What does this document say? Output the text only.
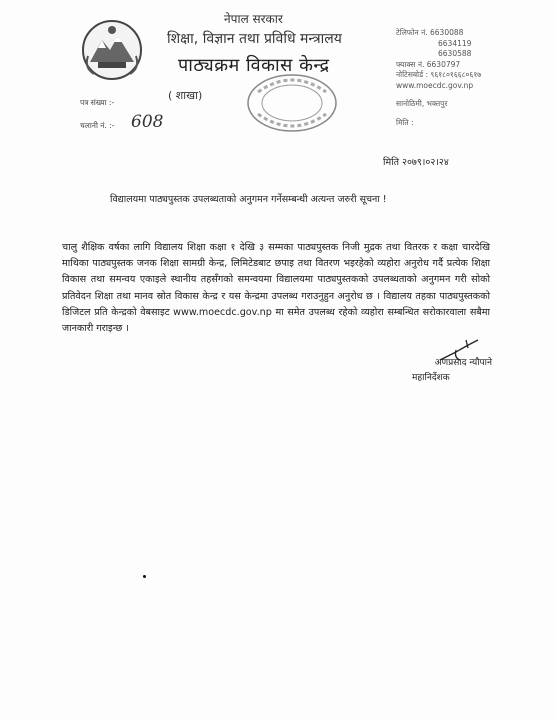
नेपाल सरकार
शिक्षा, विज्ञान तथा प्रविधि मन्त्रालय
पाठ्यक्रम विकास केन्द्र
( शाखा)
टेलिफोन नं. 6630088
6634119
6630588
फ्याक्स नं. 6630797
नोटिसबोर्ड : ९६१८०१६६८०६१७
www.moecdc.gov.np
सानोठिमी, भक्तपुर
मिति :
पत्र संख्या :-
चलानी नं. :- 608
मिति २०७९।०२।२४
विद्यालयमा पाठ्यपुस्तक उपलब्धताको अनुगमन गर्नेसम्बन्धी अत्यन्त जरुरी सूचना !
चालु शैक्षिक वर्षका लागि विद्यालय शिक्षा कक्षा १ देखि ३ सम्मका पाठ्यपुस्तक निजी मुद्रक तथा वितरक र कक्षा चारदेखि माथिका पाठ्यपुस्तक जनक शिक्षा सामग्री केन्द्र, लिमिटेडबाट छपाइ तथा वितरण भइरहेको व्यहोरा अनुरोध गर्दै प्रत्येक शिक्षा विकास तथा समन्वय एकाइले स्थानीय तहसँगको समन्वयमा विद्यालयमा पाठ्यपुस्तकको उपलब्धताको अनुगमन गरी सोको प्रतिवेदन शिक्षा तथा मानव स्रोत विकास केन्द्र र यस केन्द्रमा उपलब्ध गराउनुहुन अनुरोध छ । विद्यालय तहका पाठ्यपुस्तकको डिजिटल प्रति केन्द्रको वेबसाइट www.moecdc.gov.np मा समेत उपलब्ध रहेको व्यहोरा सम्बन्धित सरोकारवाला सबैमा जानकारी गराइन्छ ।
अणप्रसाद न्यौपाने
महानिर्देशक
